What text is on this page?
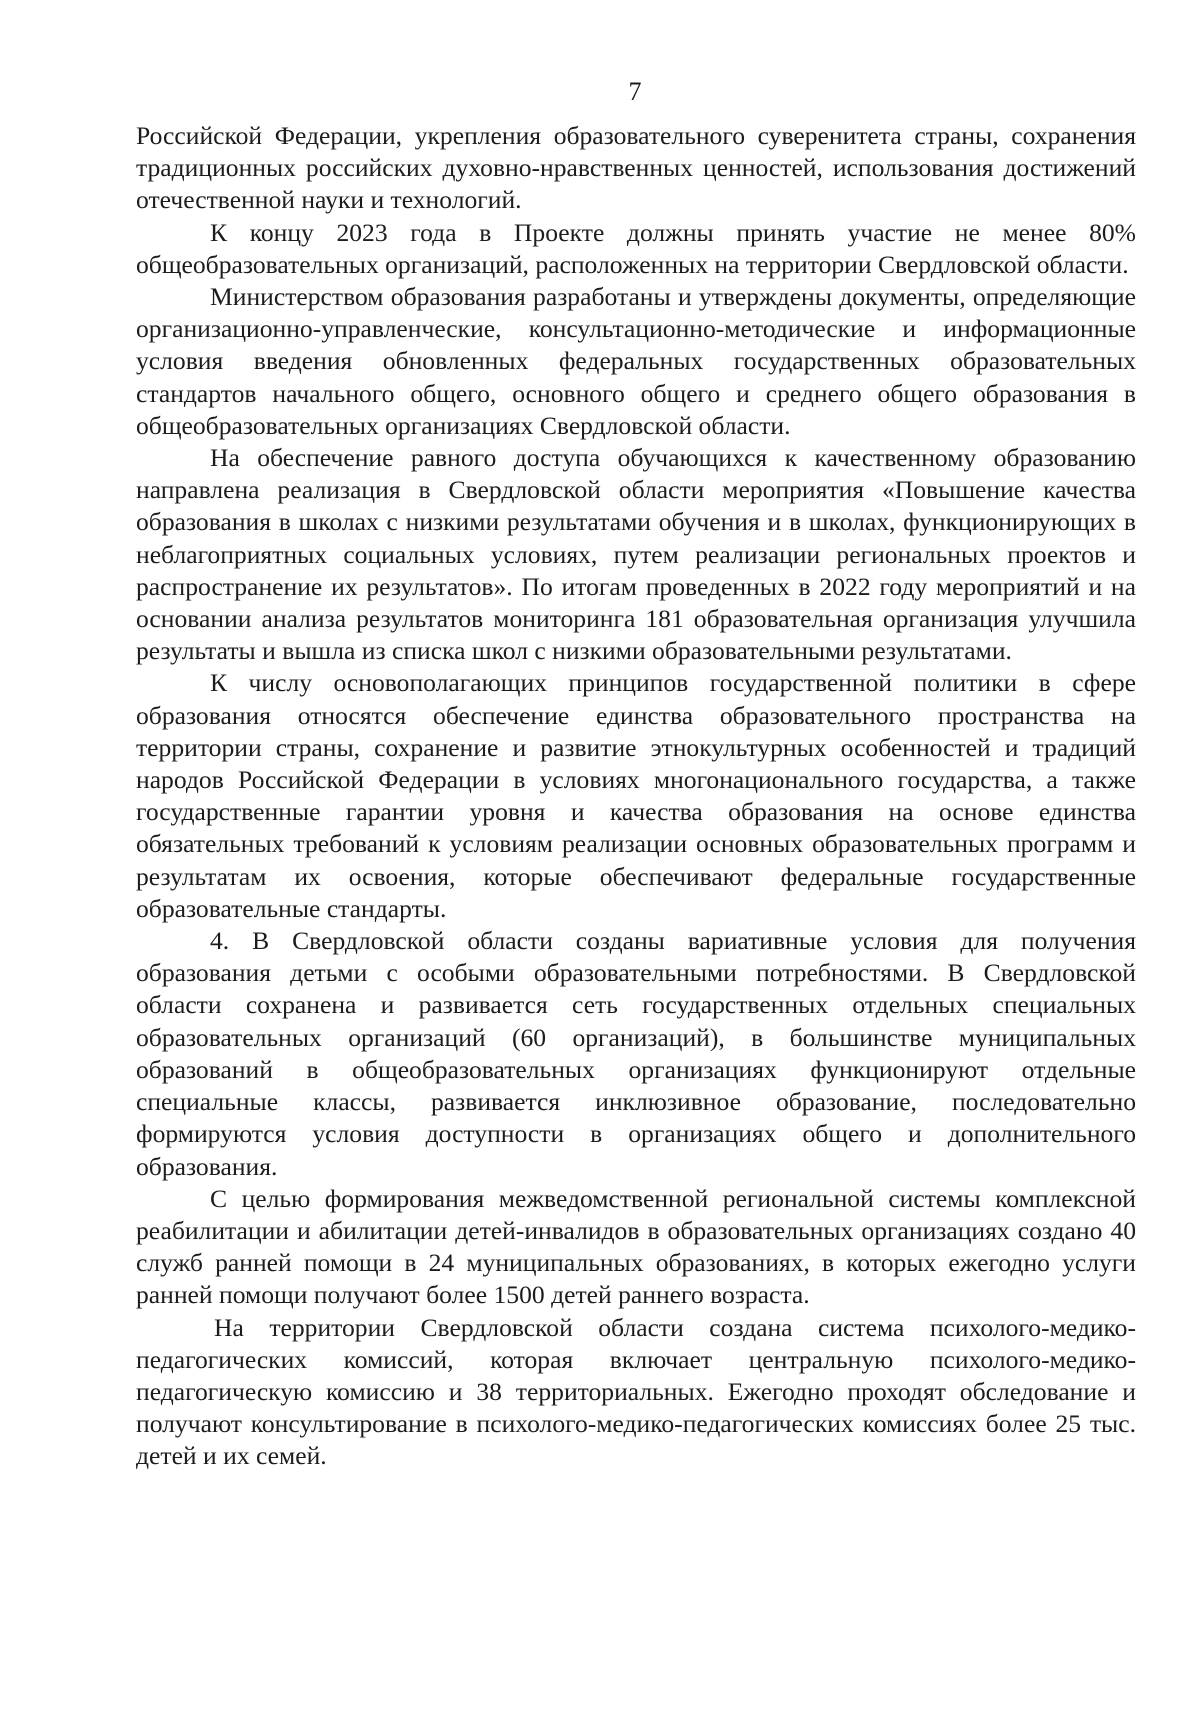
7

Российской Федерации, укрепления образовательного суверенитета страны, сохранения традиционных российских духовно-нравственных ценностей, использования достижений отечественной науки и технологий.

К концу 2023 года в Проекте должны принять участие не менее 80% общеобразовательных организаций, расположенных на территории Свердловской области.

Министерством образования разработаны и утверждены документы, определяющие организационно-управленческие, консультационно-методические и информационные условия введения обновленных федеральных государственных образовательных стандартов начального общего, основного общего и среднего общего образования в общеобразовательных организациях Свердловской области.

На обеспечение равного доступа обучающихся к качественному образованию направлена реализация в Свердловской области мероприятия «Повышение качества образования в школах с низкими результатами обучения и в школах, функционирующих в неблагоприятных социальных условиях, путем реализации региональных проектов и распространение их результатов». По итогам проведенных в 2022 году мероприятий и на основании анализа результатов мониторинга 181 образовательная организация улучшила результаты и вышла из списка школ с низкими образовательными результатами.

К числу основополагающих принципов государственной политики в сфере образования относятся обеспечение единства образовательного пространства на территории страны, сохранение и развитие этнокультурных особенностей и традиций народов Российской Федерации в условиях многонационального государства, а также государственные гарантии уровня и качества образования на основе единства обязательных требований к условиям реализации основных образовательных программ и результатам их освоения, которые обеспечивают федеральные государственные образовательные стандарты.

4. В Свердловской области созданы вариативные условия для получения образования детьми с особыми образовательными потребностями. В Свердловской области сохранена и развивается сеть государственных отдельных специальных образовательных организаций (60 организаций), в большинстве муниципальных образований в общеобразовательных организациях функционируют отдельные специальные классы, развивается инклюзивное образование, последовательно формируются условия доступности в организациях общего и дополнительного образования.

С целью формирования межведомственной региональной системы комплексной реабилитации и абилитации детей-инвалидов в образовательных организациях создано 40 служб ранней помощи в 24 муниципальных образованиях, в которых ежегодно услуги ранней помощи получают более 1500 детей раннего возраста.

На территории Свердловской области создана система психолого-медико-педагогических комиссий, которая включает центральную психолого-медико-педагогическую комиссию и 38 территориальных. Ежегодно проходят обследование и получают консультирование в психолого-медико-педагогических комиссиях более 25 тыс. детей и их семей.
